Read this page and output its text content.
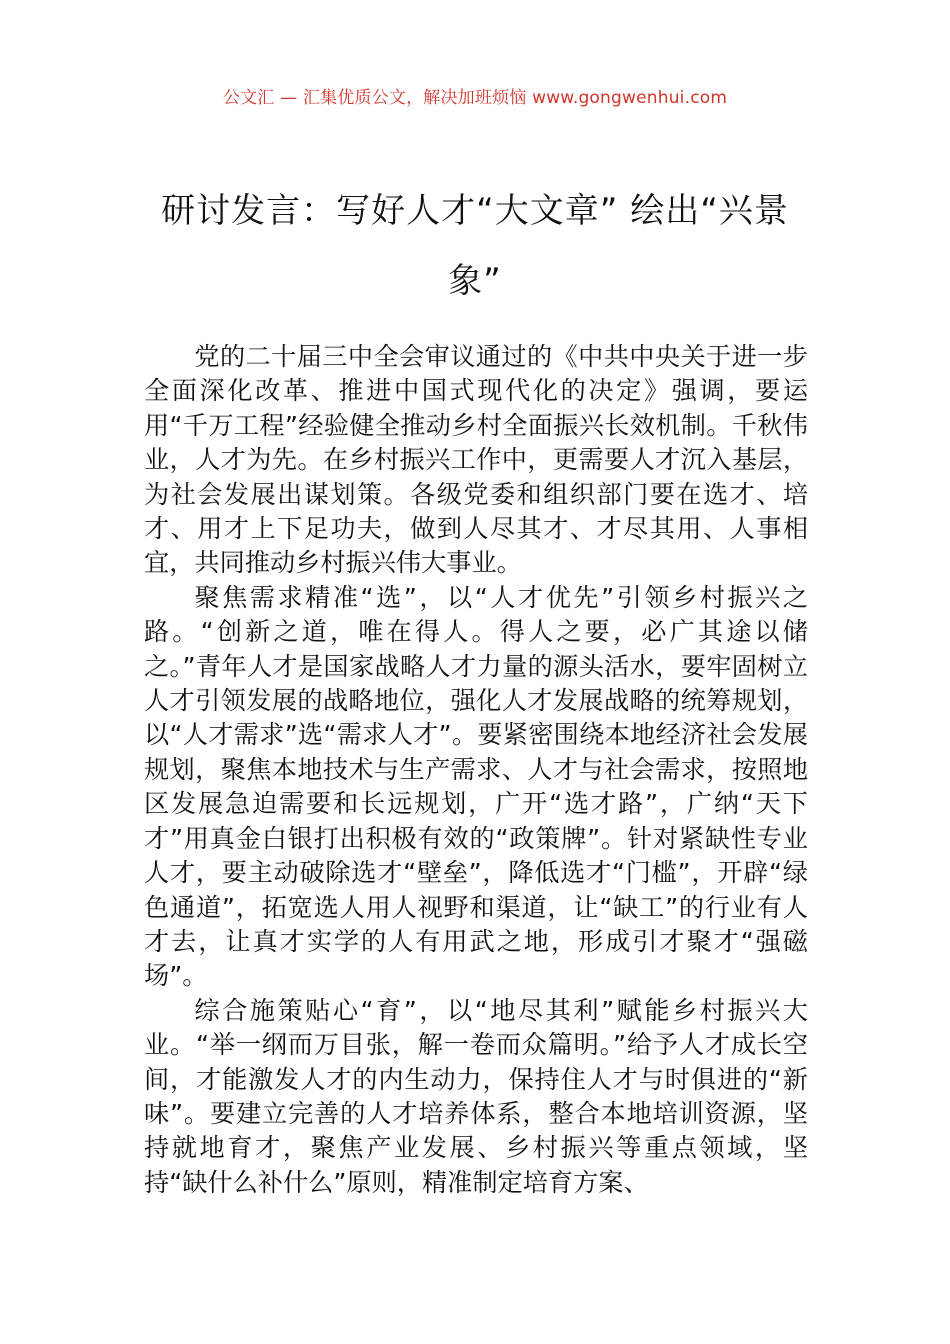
公文汇 — 汇集优质公文，解决加班烦恼 www.gongwenhui.com
研讨发言：写好人才“大文章” 绘出“兴景象”

党的二十届三中全会审议通过的《中共中央关于进一步全面深化改革、推进中国式现代化的决定》强调，要运用“千万工程”经验健全推动乡村全面振兴长效机制。千秋伟业，人才为先。在乡村振兴工作中，更需要人才沉入基层，为社会发展出谋划策。各级党委和组织部门要在选才、培才、用才上下足功夫，做到人尽其才、才尽其用、人事相宜，共同推动乡村振兴伟大事业。

聚焦需求精准“选”，以“人才优先”引领乡村振兴之路。“创新之道，唯在得人。得人之要，必广其途以储之。”青年人才是国家战略人才力量的源头活水，要牢固树立人才引领发展的战略地位，强化人才发展战略的统筹规划，以“人才需求”选“需求人才”。要紧密围绕本地经济社会发展规划，聚焦本地技术与生产需求、人才与社会需求，按照地区发展急迫需要和长远规划，广开“选才路”，广纳“天下才”用真金白银打出积极有效的“政策牌”。针对紧缺性专业人才，要主动破除选才“壁垒”，降低选才“门槛”，开辟“绿色通道”，拓宽选人用人视野和渠道，让“缺工”的行业有人才去，让真才实学的人有用武之地，形成引才聚才“强磁场”。

综合施策贴心“育”，以“地尽其利”赋能乡村振兴大业。“举一纲而万目张，解一卷而众篇明。”给予人才成长空间，才能激发人才的内生动力，保持住人才与时俱进的“新味”。要建立完善的人才培养体系，整合本地培训资源，坚持就地育才，聚焦产业发展、乡村振兴等重点领域，坚持“缺什么补什么”原则，精准制定培育方案、
